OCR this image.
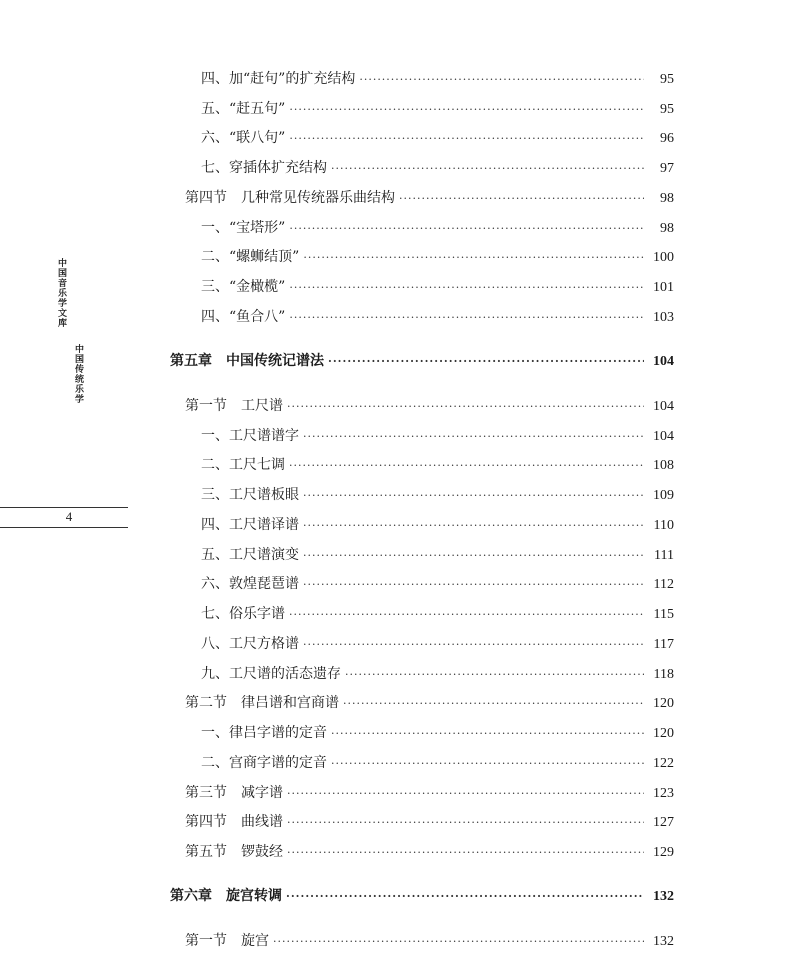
中国音乐学文库
中国传统乐学
4
四、加“赶句”的扩充结构 ·····	95
五、“赶五句” ·····	95
六、“联八句” ·····	96
七、穿插体扩充结构 ·····	97
第四节　几种常见传统器乐曲结构 ·····	98
一、“宝塔形” ·····	98
二、“螺蛳结顶” ·····	100
三、“金橄榄” ·····	101
四、“鱼合八” ·····	103
第五章　中国传统记谱法 ·····	104
第一节　工尺谱 ·····	104
一、工尺谱谱字 ·····	104
二、工尺七调 ·····	108
三、工尺谱板眼 ·····	109
四、工尺谱译谱 ·····	110
五、工尺谱演变 ·····	111
六、敦煌琵琶谱 ·····	112
七、俗乐字谱 ·····	115
八、工尺方格谱 ·····	117
九、工尺谱的活态遗存 ·····	118
第二节　律吕谱和宫商谱 ·····	120
一、律吕字谱的定音 ·····	120
二、宫商字谱的定音 ·····	122
第三节　减字谱 ·····	123
第四节　曲线谱 ·····	127
第五节　锣鼓经 ·····	129
第六章　旋宫转调 ·····	132
第一节　旋宫 ·····	132
